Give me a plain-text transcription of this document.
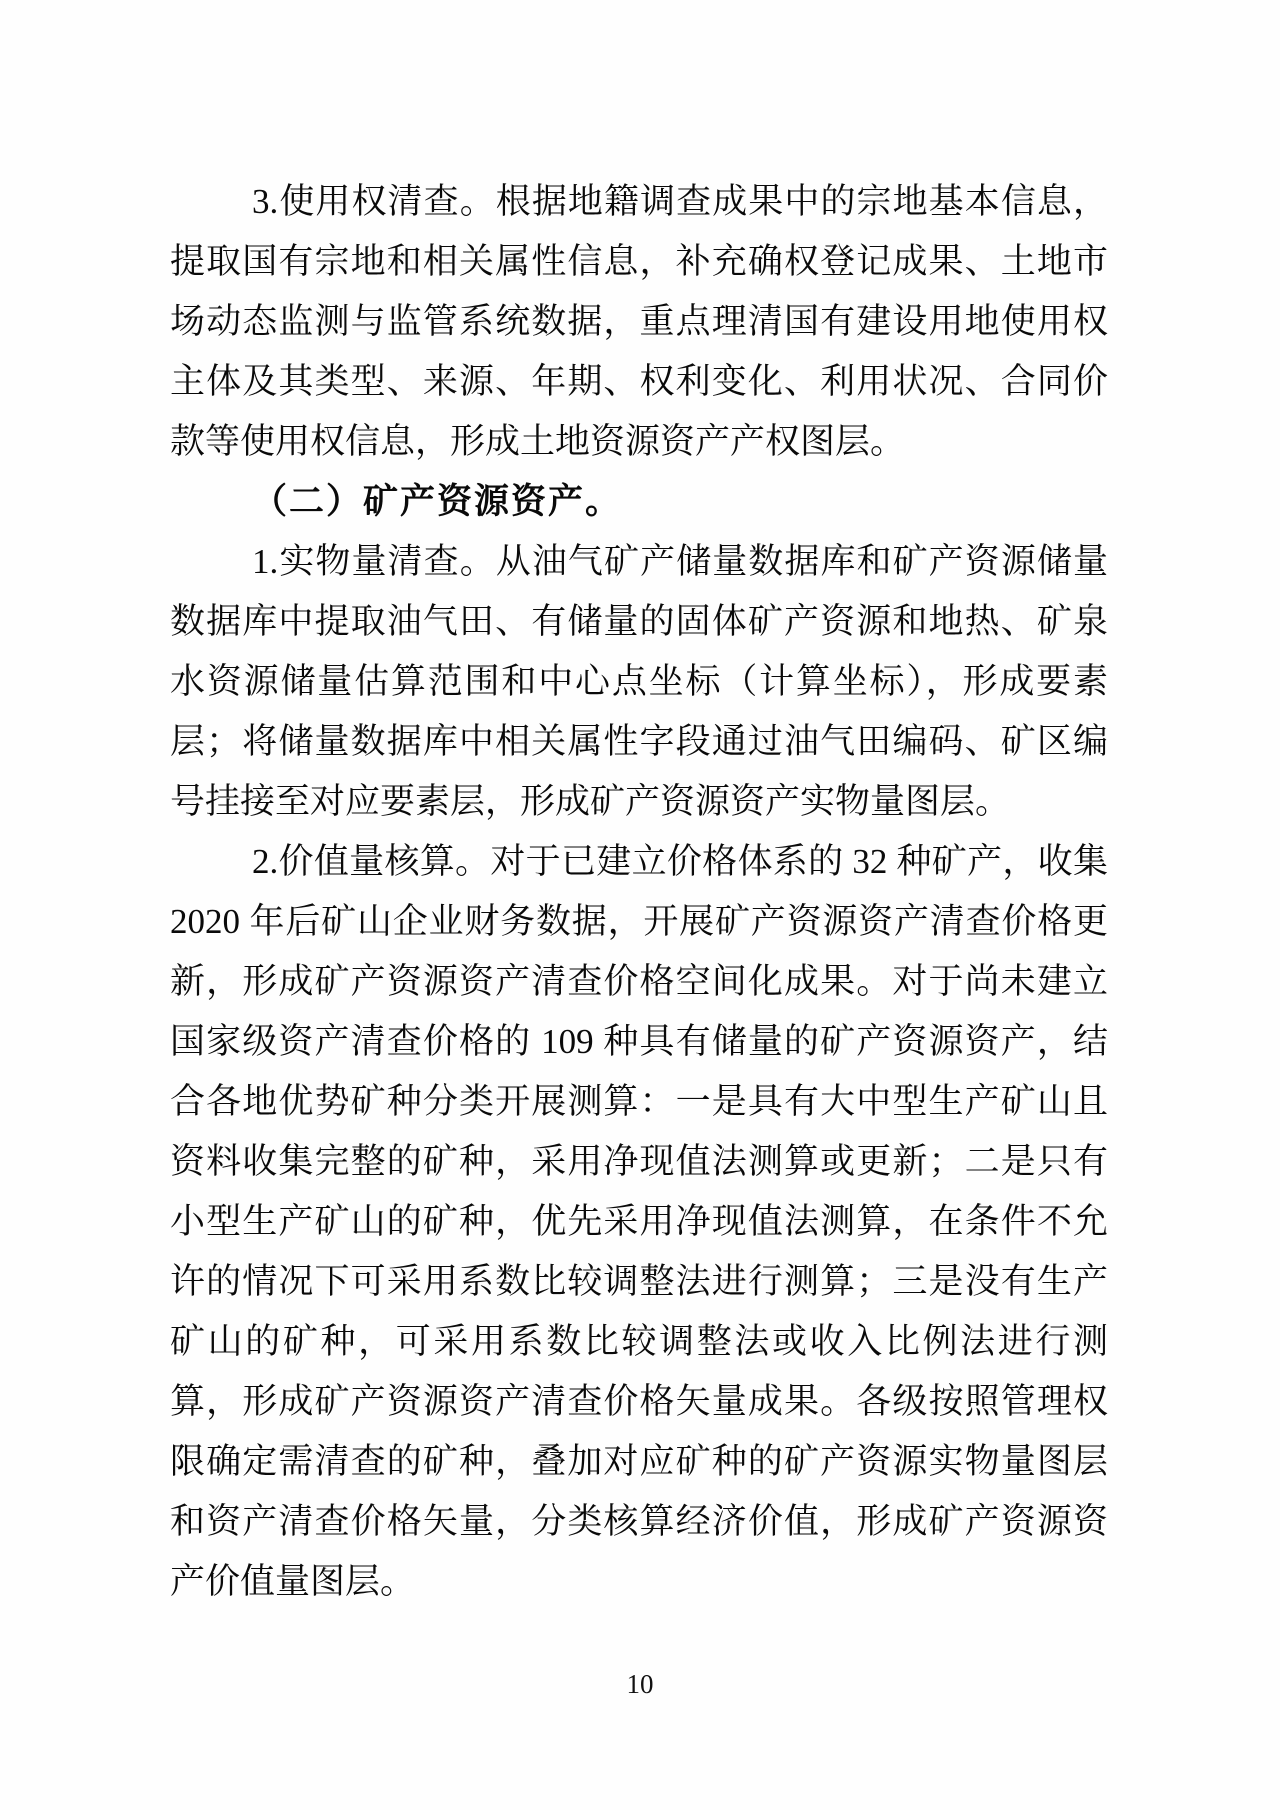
3.使用权清查。根据地籍调查成果中的宗地基本信息，
提取国有宗地和相关属性信息，补充确权登记成果、土地市
场动态监测与监管系统数据，重点理清国有建设用地使用权
主体及其类型、来源、年期、权利变化、利用状况、合同价
款等使用权信息，形成土地资源资产产权图层。
（二）矿产资源资产。
1.实物量清查。从油气矿产储量数据库和矿产资源储量
数据库中提取油气田、有储量的固体矿产资源和地热、矿泉
水资源储量估算范围和中心点坐标（计算坐标），形成要素
层；将储量数据库中相关属性字段通过油气田编码、矿区编
号挂接至对应要素层，形成矿产资源资产实物量图层。
2.价值量核算。对于已建立价格体系的 32 种矿产，收集
2020 年后矿山企业财务数据，开展矿产资源资产清查价格更
新，形成矿产资源资产清查价格空间化成果。对于尚未建立
国家级资产清查价格的 109 种具有储量的矿产资源资产，结
合各地优势矿种分类开展测算：一是具有大中型生产矿山且
资料收集完整的矿种，采用净现值法测算或更新；二是只有
小型生产矿山的矿种，优先采用净现值法测算，在条件不允
许的情况下可采用系数比较调整法进行测算；三是没有生产
矿山的矿种，可采用系数比较调整法或收入比例法进行测
算，形成矿产资源资产清查价格矢量成果。各级按照管理权
限确定需清查的矿种，叠加对应矿种的矿产资源实物量图层
和资产清查价格矢量，分类核算经济价值，形成矿产资源资
产价值量图层。
10
